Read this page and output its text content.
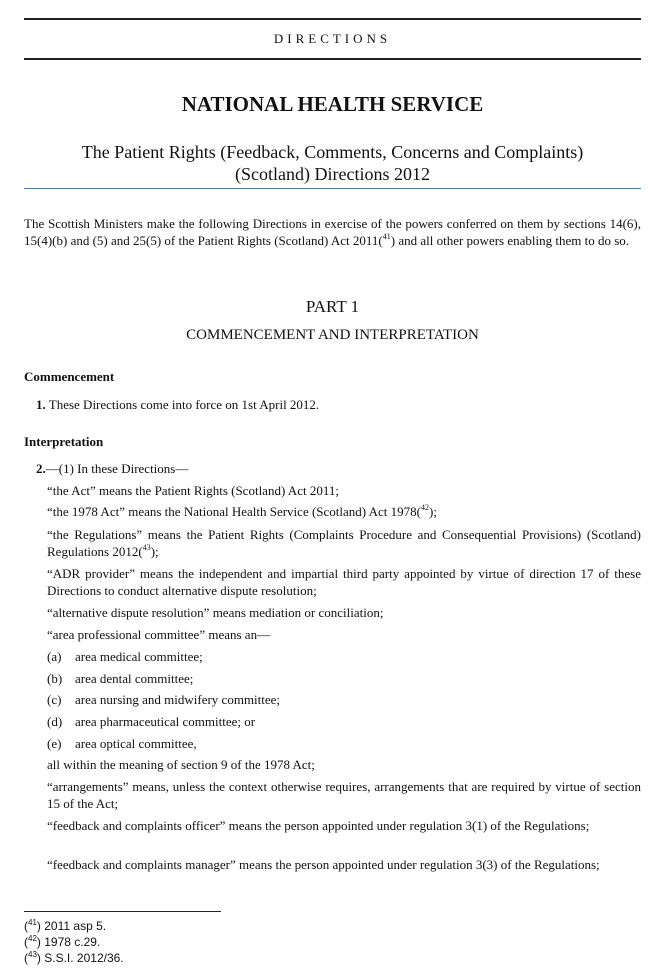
DIRECTIONS
NATIONAL HEALTH SERVICE
The Patient Rights (Feedback, Comments, Concerns and Complaints)
(Scotland) Directions 2012
The Scottish Ministers make the following Directions in exercise of the powers conferred on them by sections 14(6), 15(4)(b) and (5) and 25(5) of the Patient Rights (Scotland) Act 2011($^{41}$) and all other powers enabling them to do so.
PART 1
COMMENCEMENT AND INTERPRETATION
Commencement
1. These Directions come into force on 1st April 2012.
Interpretation
2.—(1) In these Directions—
“the Act” means the Patient Rights (Scotland) Act 2011;
“the 1978 Act” means the National Health Service (Scotland) Act 1978($^{42}$);
“the Regulations” means the Patient Rights (Complaints Procedure and Consequential Provisions) (Scotland) Regulations 2012($^{43}$);
“ADR provider” means the independent and impartial third party appointed by virtue of direction 17 of these Directions to conduct alternative dispute resolution;
“alternative dispute resolution” means mediation or conciliation;
“area professional committee” means an—
(a) area medical committee;
(b) area dental committee;
(c) area nursing and midwifery committee;
(d) area pharmaceutical committee; or
(e) area optical committee,
all within the meaning of section 9 of the 1978 Act;
“arrangements” means, unless the context otherwise requires, arrangements that are required by virtue of section 15 of the Act;
“feedback and complaints officer” means the person appointed under regulation 3(1) of the Regulations;
“feedback and complaints manager” means the person appointed under regulation 3(3) of the Regulations;
($^{41}$) 2011 asp 5.
($^{42}$) 1978 c.29.
($^{43}$) S.S.I. 2012/36.
